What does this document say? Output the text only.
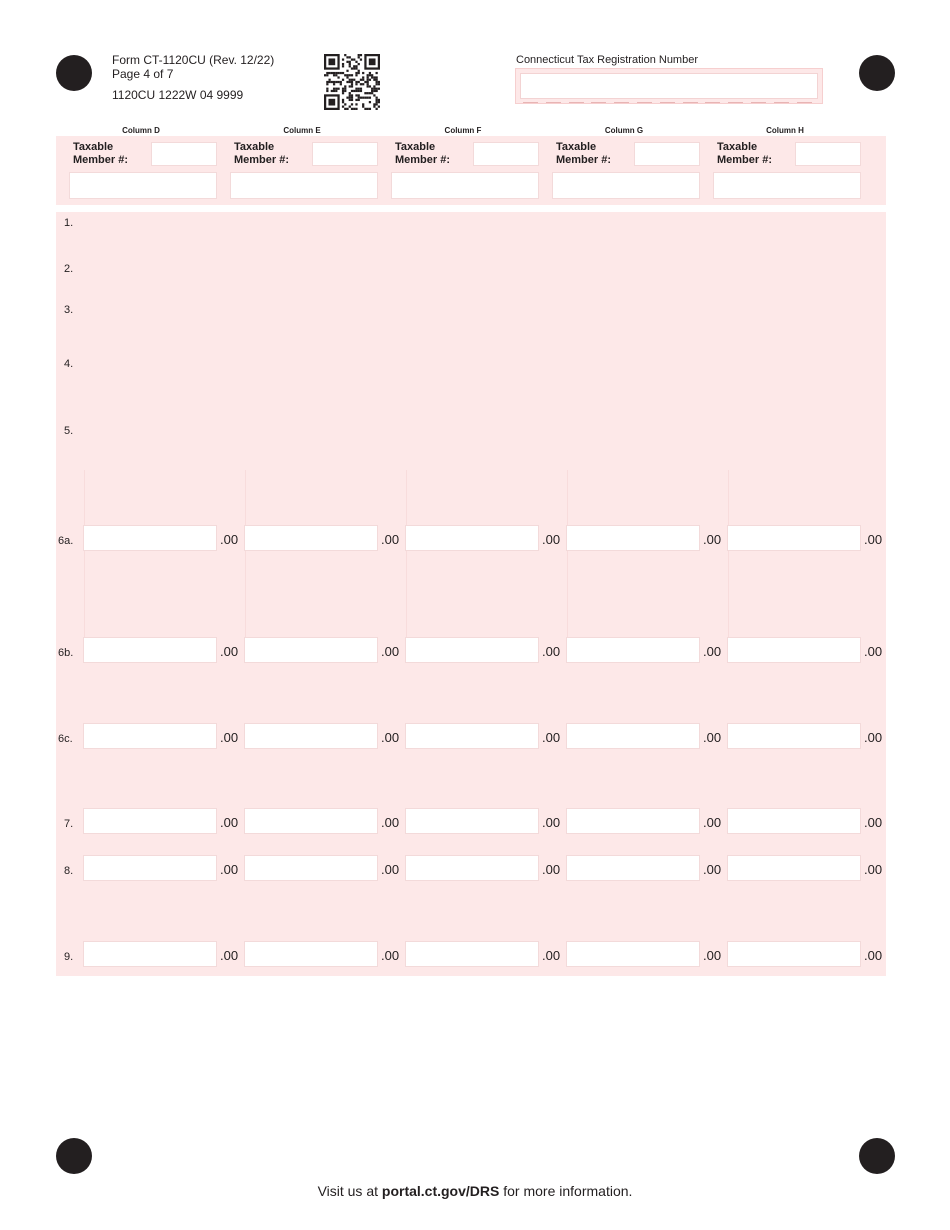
Form CT-1120CU (Rev. 12/22)
Page 4 of 7
1120CU 1222W 04 9999
Connecticut Tax Registration Number
Column D
Taxable Member #:
Column E
Taxable Member #:
Column F
Taxable Member #:
Column G
Taxable Member #:
Column H
Taxable Member #:
1.
2.
3.
4.
5.
6a.	.00	.00	.00	.00	.00
6b.	.00	.00	.00	.00	.00
6c.	.00	.00	.00	.00	.00
7.	.00	.00	.00	.00	.00
8.	.00	.00	.00	.00	.00
9.	.00	.00	.00	.00	.00
Visit us at portal.ct.gov/DRS for more information.
